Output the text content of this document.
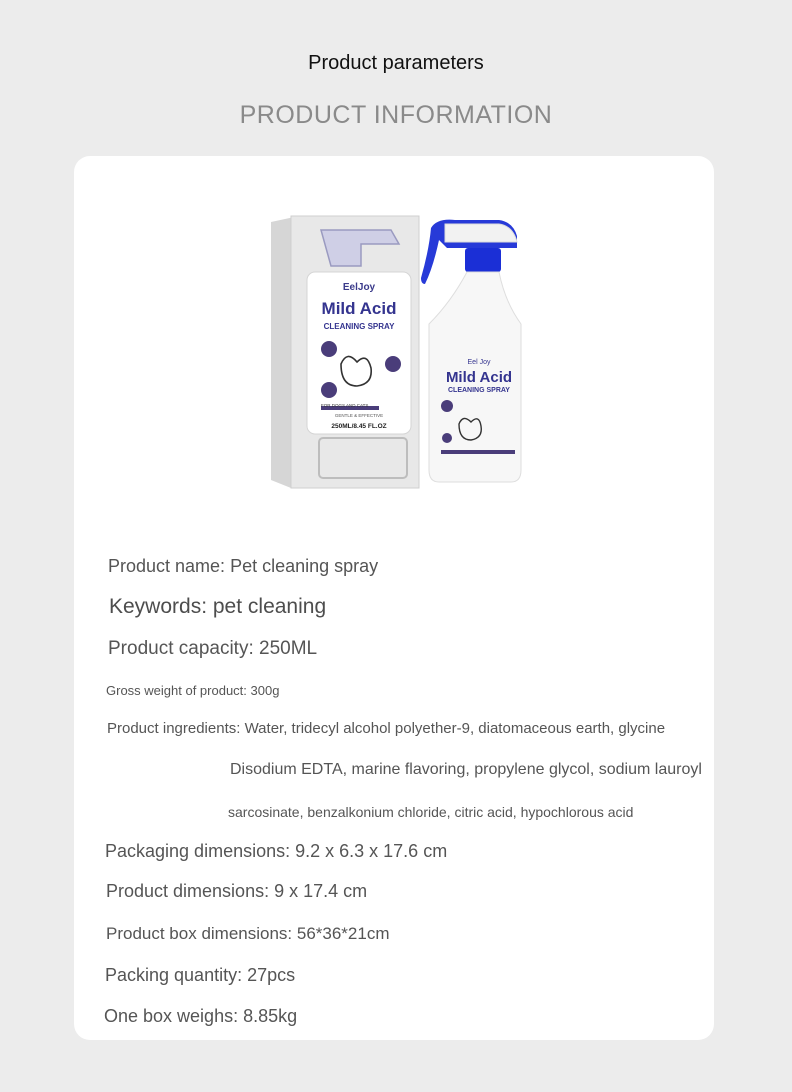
Product parameters
PRODUCT INFORMATION
EelJoy
Mild Acid
CLEANING SPRAY
FOR DOGS AND CATS
GENTLE & EFFECTIVE
250ML/8.45 FL.OZ
Eel Joy
Mild Acid
CLEANING SPRAY
Product name: Pet cleaning spray
Keywords: pet cleaning
Product capacity: 250ML
Gross weight of product: 300g
Product ingredients: Water, tridecyl alcohol polyether-9, diatomaceous earth, glycine
Disodium EDTA, marine flavoring, propylene glycol, sodium lauroyl
sarcosinate, benzalkonium chloride, citric acid, hypochlorous acid
Packaging dimensions: 9.2 x 6.3 x 17.6 cm
Product dimensions: 9 x 17.4 cm
Product box dimensions: 56*36*21cm
Packing quantity: 27pcs
One box weighs: 8.85kg
